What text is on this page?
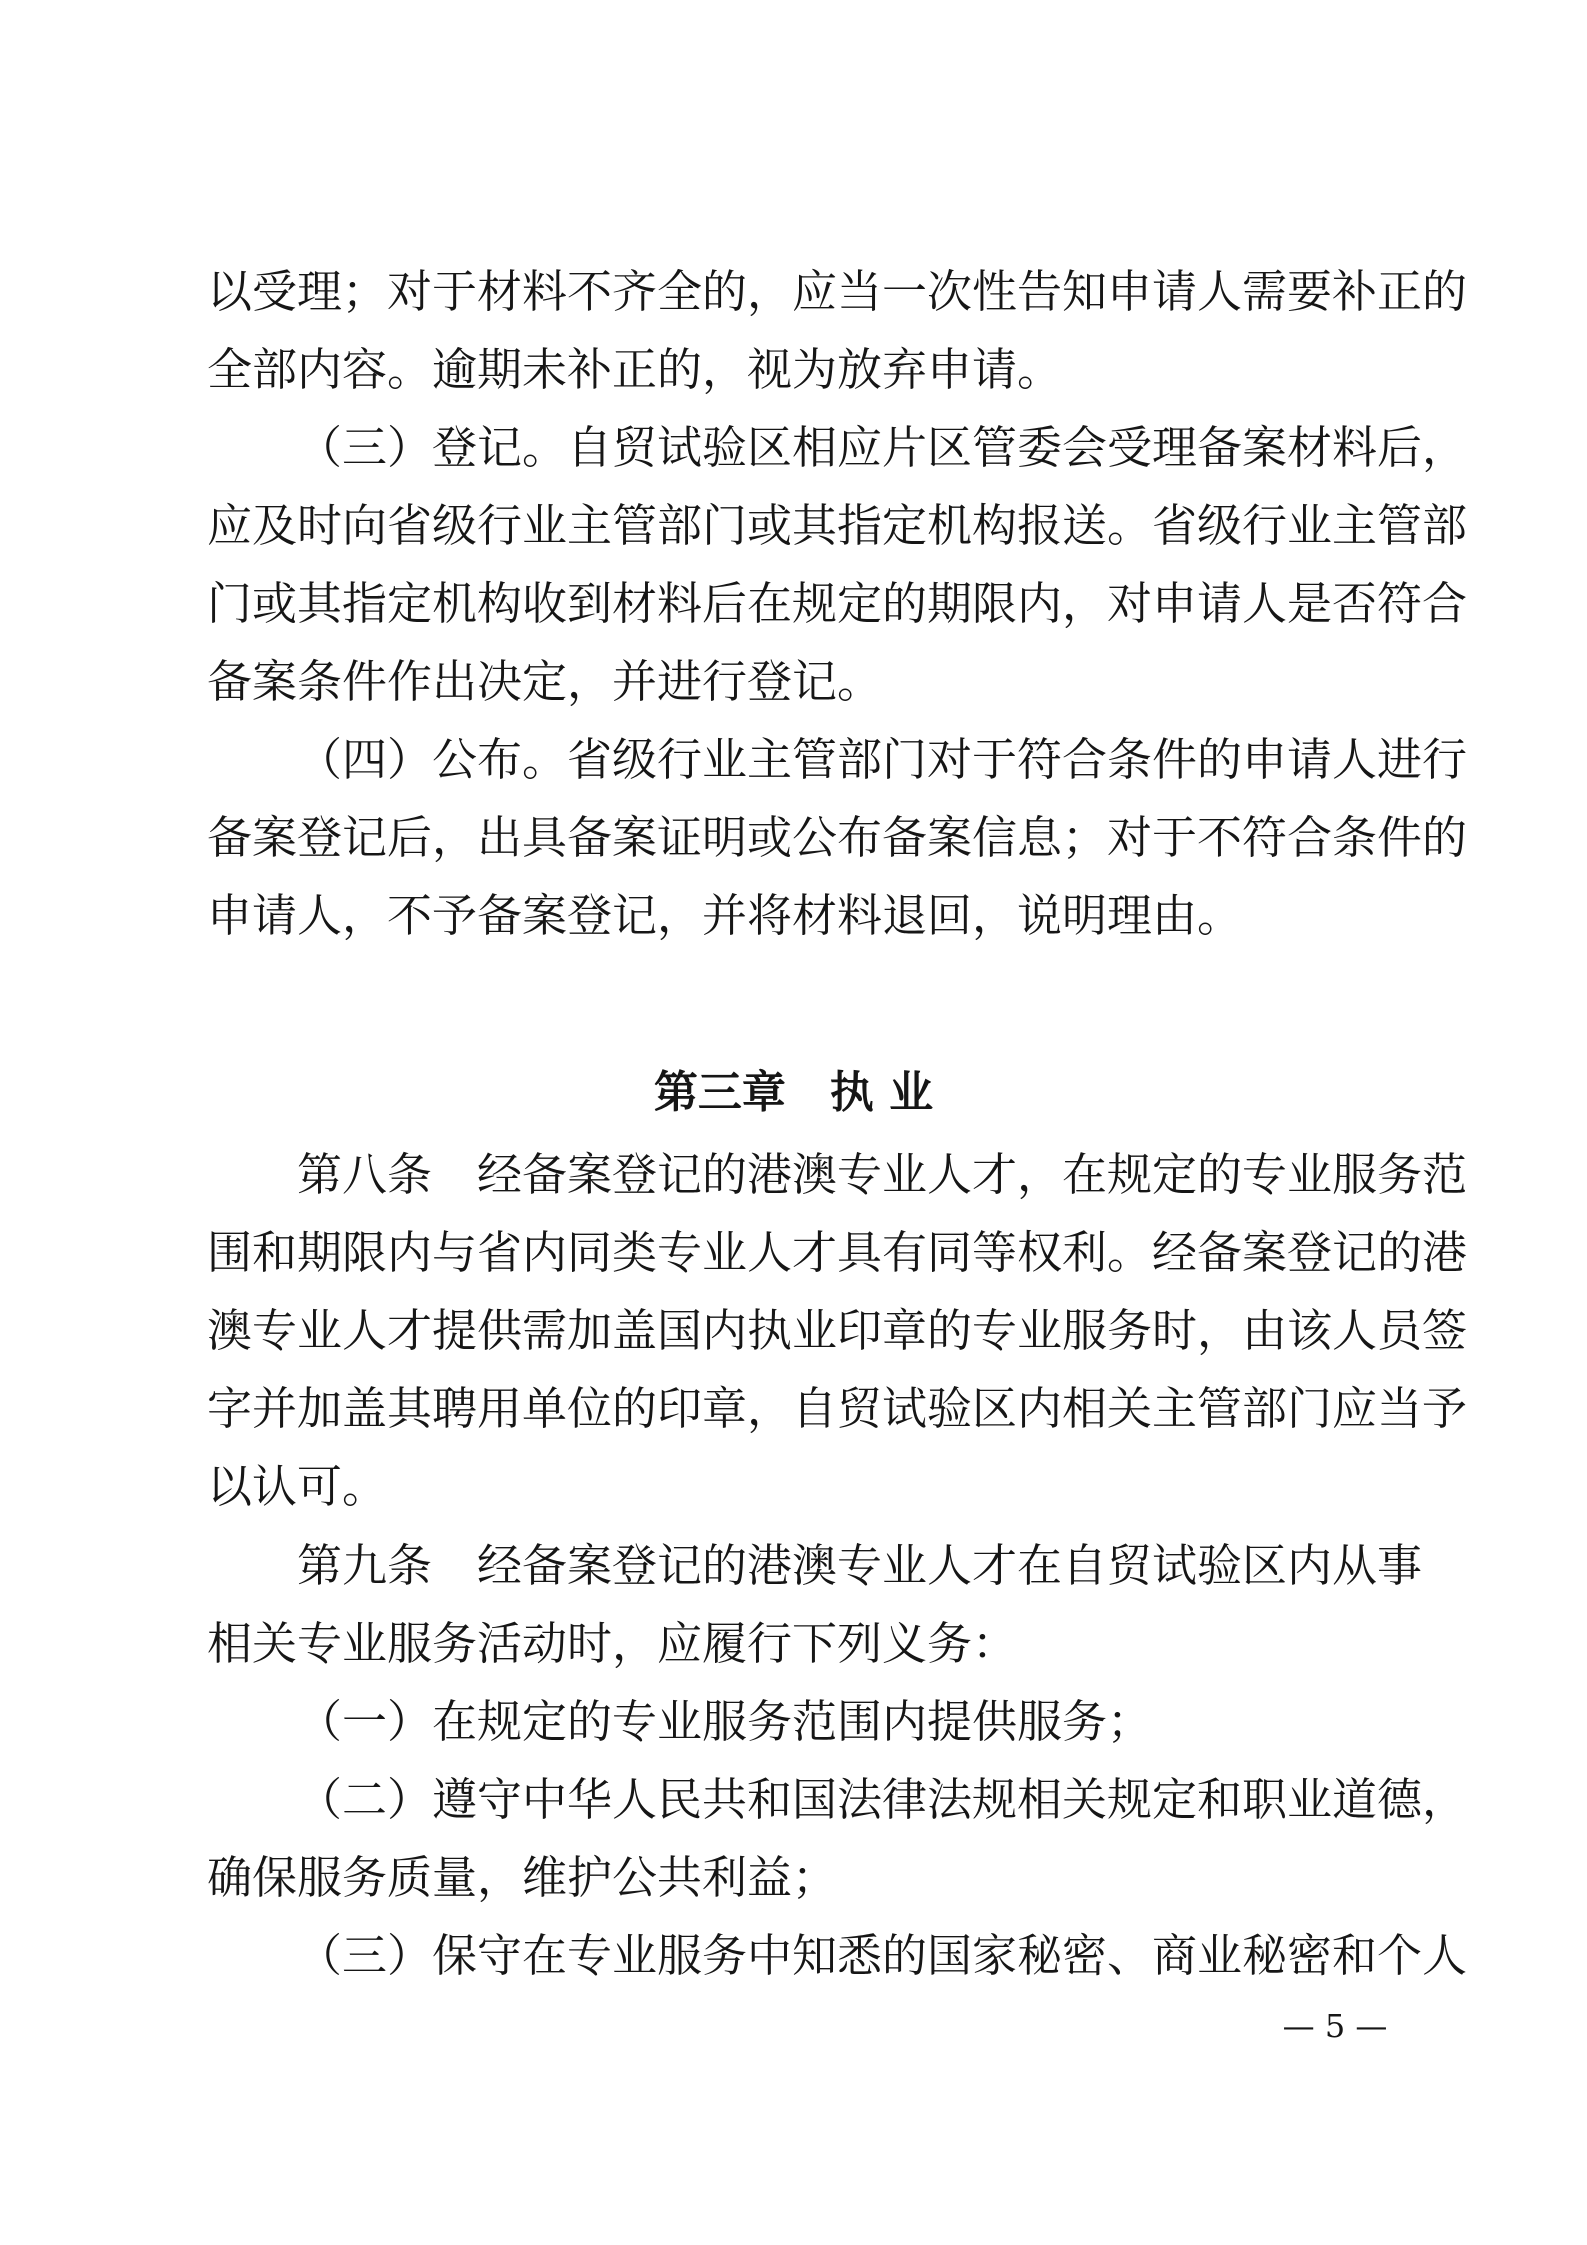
以受理；对于材料不齐全的，应当一次性告知申请人需要补正的
全部内容。逾期未补正的，视为放弃申请。
（三）登记。自贸试验区相应片区管委会受理备案材料后，
应及时向省级行业主管部门或其指定机构报送。省级行业主管部
门或其指定机构收到材料后在规定的期限内，对申请人是否符合
备案条件作出决定，并进行登记。
（四）公布。省级行业主管部门对于符合条件的申请人进行
备案登记后，出具备案证明或公布备案信息；对于不符合条件的
申请人，不予备案登记，并将材料退回，说明理由。
第三章　执 业
第八条　经备案登记的港澳专业人才，在规定的专业服务范
围和期限内与省内同类专业人才具有同等权利。经备案登记的港
澳专业人才提供需加盖国内执业印章的专业服务时，由该人员签
字并加盖其聘用单位的印章，自贸试验区内相关主管部门应当予
以认可。
第九条　经备案登记的港澳专业人才在自贸试验区内从事
相关专业服务活动时，应履行下列义务：
（一）在规定的专业服务范围内提供服务；
（二）遵守中华人民共和国法律法规相关规定和职业道德，
确保服务质量，维护公共利益；
（三）保守在专业服务中知悉的国家秘密、商业秘密和个人
— 5 —
